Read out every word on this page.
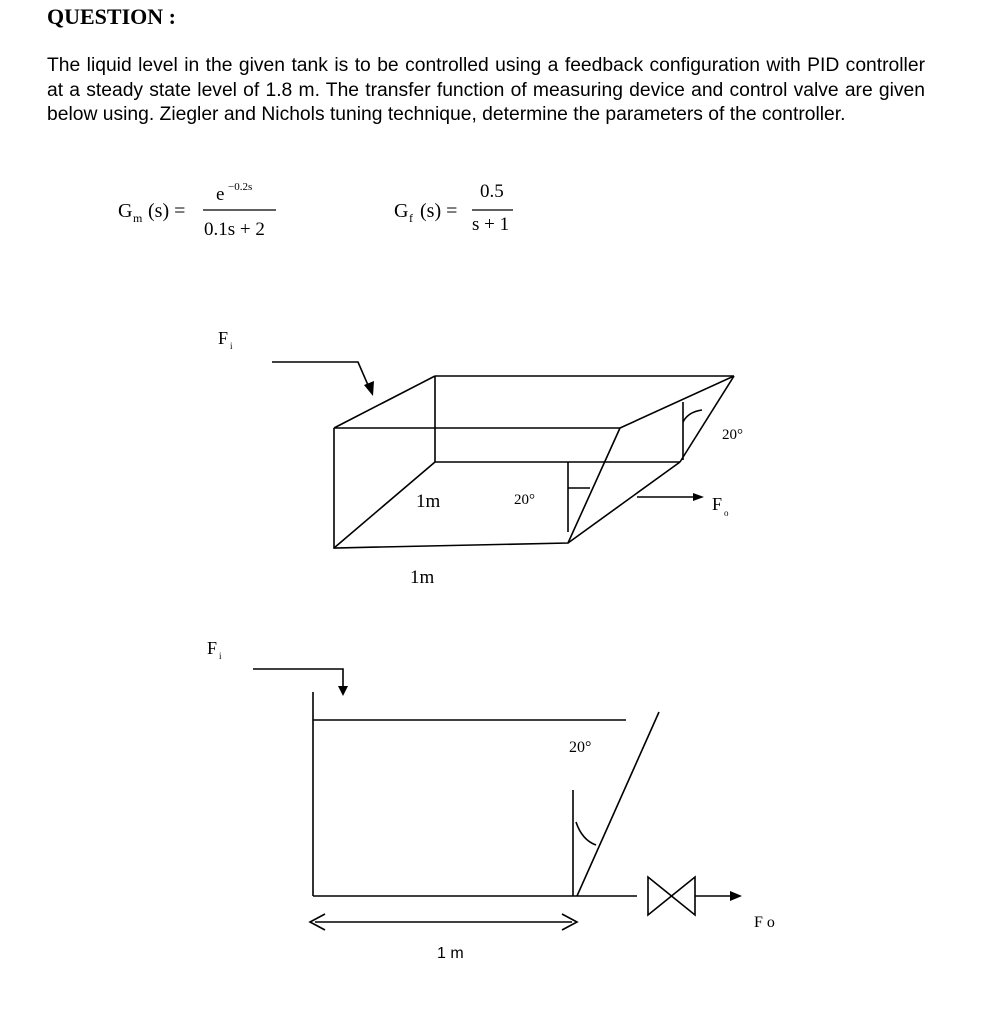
QUESTION :
The liquid level in the given tank is to be controlled using a feedback configuration with PID controller at a steady state level of 1.8 m. The transfer function of measuring device and control valve are given below using. Ziegler and Nichols tuning technique, determine the parameters of the controller.
G m (s) =
e −0.2s
0.1s + 2
G f (s) =
0.5
s + 1
F i
20°
20°
1m
1m
F o
F i
20°
F o
1 m
